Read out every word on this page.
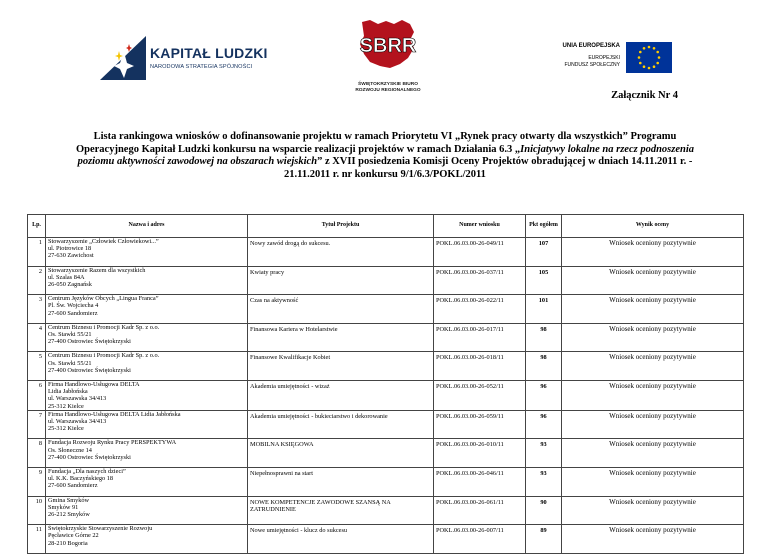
KAPITAŁ LUDZKI
NARODOWA STRATEGIA SPÓJNOŚCI
SBRR
ŚWIĘTOKRZYSKIE BIURO
ROZWOJU REGIONALNEGO
UNIA EUROPEJSKA
EUROPEJSKI
FUNDUSZ SPOŁECZNY
Załącznik Nr 4
Lista rankingowa wniosków o dofinansowanie projektu w ramach Priorytetu VI „Rynek pracy otwarty dla wszystkich” Programu Operacyjnego Kapitał Ludzki konkursu na wsparcie realizacji projektów w ramach Działania 6.3 „Inicjatywy lokalne na rzecz podnoszenia poziomu aktywności zawodowej na obszarach wiejskich” z XVII posiedzenia Komisji Oceny Projektów obradującej w dniach 14.11.2011 r. - 21.11.2011 r. nr konkursu 9/1/6.3/POKL/2011
Lp.	Nazwa i adres	Tytuł Projektu	Numer wniosku	Pkt ogółem	Wynik oceny
1	Stowarzyszenie „Człowiek Człowiekowi...”
ul. Piotrowice 18
27-630 Zawichost	Nowy zawód drogą do sukcesu.	POKL.06.03.00-26-049/11	107	Wniosek oceniony pozytywnie
2	Stowarzyszenie Razem dla wszystkich
ul. Szalas 84A
26-050 Zagnańsk	Kwiaty pracy	POKL.06.03.00-26-037/11	105	Wniosek oceniony pozytywnie
3	Centrum Języków Obcych „Lingua Franca”
Pl. Św. Wojciecha 4
27-600 Sandomierz	Czas na aktywność	POKL.06.03.00-26-022/11	101	Wniosek oceniony pozytywnie
4	Centrum Biznesu i Promocji Kadr Sp. z o.o.
Os. Stawki 55/21
27-400 Ostrowiec Świętokrzyski	Finansowa Kariera w Hotelarstwie	POKL.06.03.00-26-017/11	98	Wniosek oceniony pozytywnie
5	Centrum Biznesu i Promocji Kadr Sp. z o.o.
Os. Stawki 55/21
27-400 Ostrowiec Świętokrzyski	Finansowe Kwalifikacje Kobiet	POKL.06.03.00-26-018/11	98	Wniosek oceniony pozytywnie
6	Firma Handlowo-Usługowa DELTA
Lidia Jabłońska
ul. Warszawska 34/413
25-312 Kielce	Akademia umiejętności - wizaż	POKL.06.03.00-26-052/11	96	Wniosek oceniony pozytywnie
7	Firma Handlowo-Usługowa DELTA Lidia Jabłońska
ul. Warszawska 34/413
25-312 Kielce	Akademia umiejętności - bukieciarstwo i dekorowanie	POKL.06.03.00-26-059/11	96	Wniosek oceniony pozytywnie
8	Fundacja Rozwoju Rynku Pracy PERSPEKTYWA
Os. Słoneczne 14
27-400 Ostrowiec Świętokrzyski	MOBILNA KSIĘGOWA	POKL.06.03.00-26-010/11	93	Wniosek oceniony pozytywnie
9	Fundacja „Dla naszych dzieci”
ul. K.K. Baczyńskiego 18
27-600 Sandomierz	Niepełnosprawni na start	POKL.06.03.00-26-046/11	93	Wniosek oceniony pozytywnie
10	Gmina Smyków
Smyków 91
26-212 Smyków	NOWE KOMPETENCJE ZAWODOWE SZANSĄ NA ZATRUDNIENIE	POKL.06.03.00-26-061/11	90	Wniosek oceniony pozytywnie
11	Świętokrzyskie Stowarzyszenie Rozwoju
Pęcławice Górne 22
28-210 Bogoria	Nowe umiejętności - klucz do sukcesu	POKL.06.03.00-26-007/11	89	Wniosek oceniony pozytywnie
